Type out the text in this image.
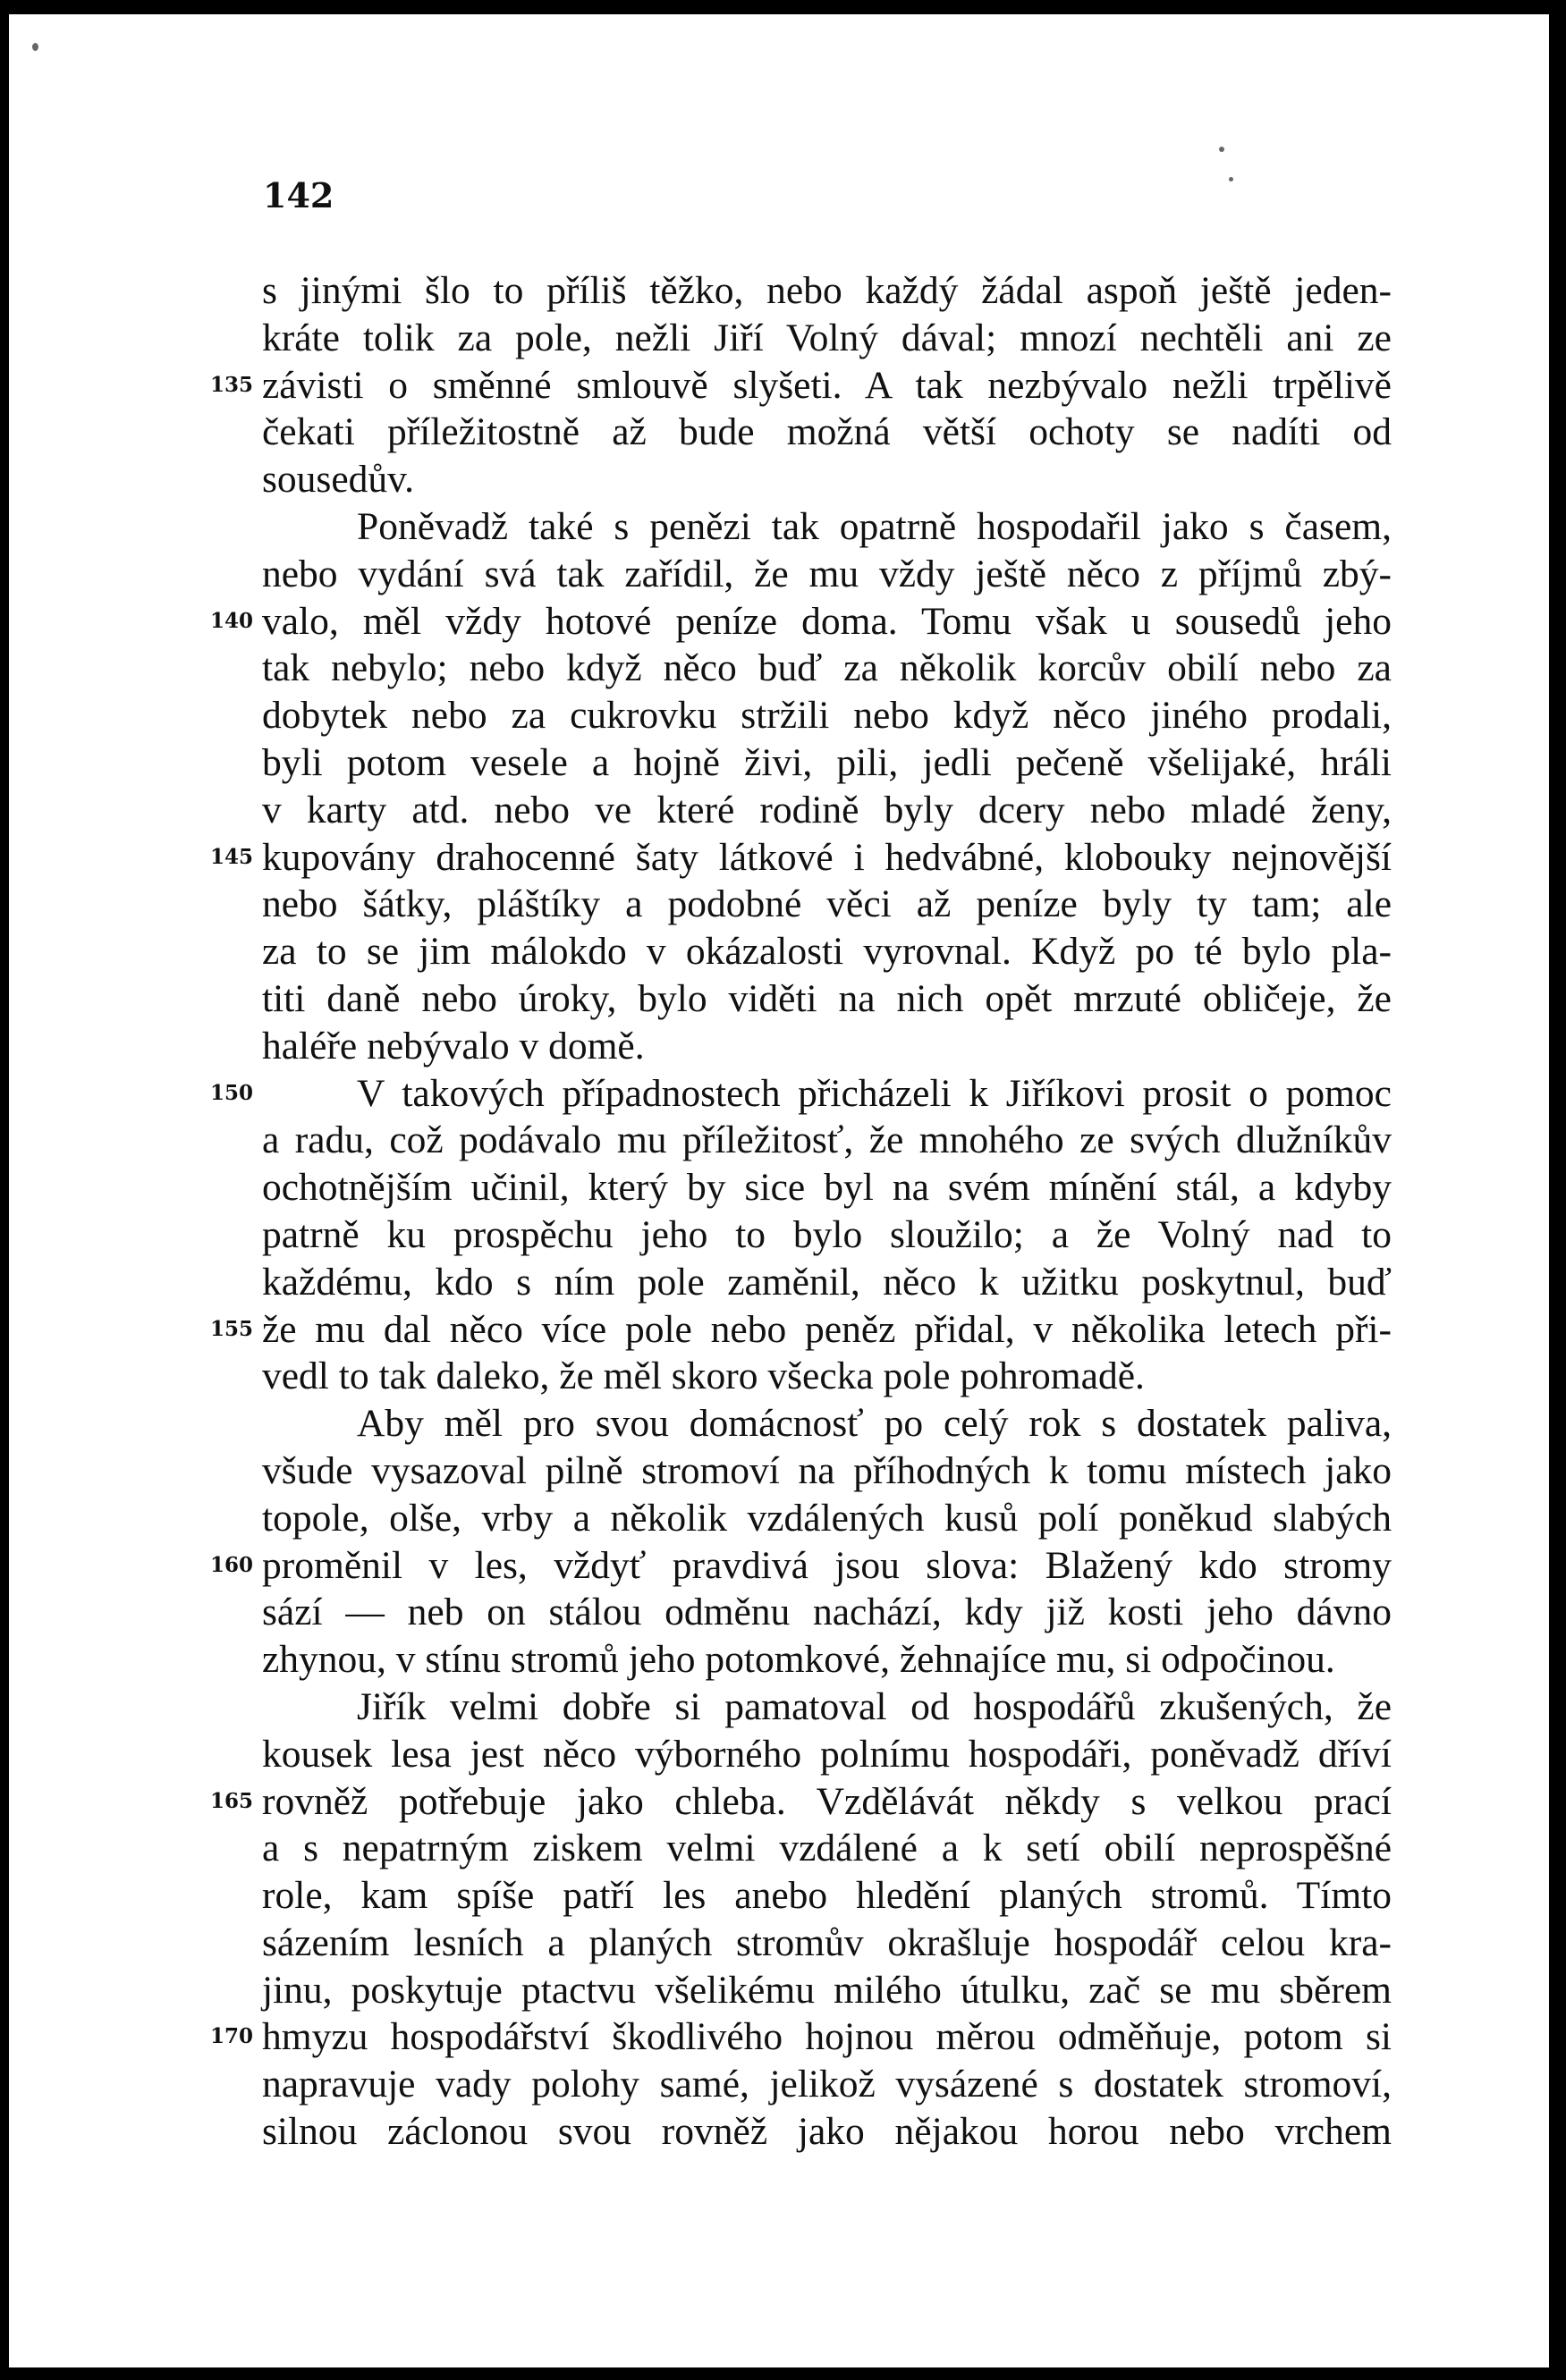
142
s jinými šlo to příliš těžko, nebo každý žádal aspoň ještě jeden-
kráte tolik za pole, nežli Jiří Volný dával; mnozí nechtěli ani ze
135 závisti o směnné smlouvě slyšeti. A tak nezbývalo nežli trpělivě
čekati příležitostně až bude možná větší ochoty se nadíti od
sousedův.
Poněvadž také s penězi tak opatrně hospodařil jako s časem,
nebo vydání svá tak zařídil, že mu vždy ještě něco z příjmů zbý-
140 valo, měl vždy hotové peníze doma. Tomu však u sousedů jeho
tak nebylo; nebo když něco buď za několik korcův obilí nebo za
dobytek nebo za cukrovku stržili nebo když něco jiného prodali,
byli potom vesele a hojně živi, pili, jedli pečeně všelijaké, hráli
v karty atd. nebo ve které rodině byly dcery nebo mladé ženy,
145 kupovány drahocenné šaty látkové i hedvábné, klobouky nejnovější
nebo šátky, pláštíky a podobné věci až peníze byly ty tam; ale
za to se jim málokdo v okázalosti vyrovnal. Když po té bylo pla-
titi daně nebo úroky, bylo viděti na nich opět mrzuté obličeje, že
haléře nebývalo v domě.
150	V takových případnostech přicházeli k Jiříkovi prosit o pomoc
a radu, což podávalo mu příležitosť, že mnohého ze svých dlužníkův
ochotnějším učinil, který by sice byl na svém mínění stál, a kdyby
patrně ku prospěchu jeho to bylo sloužilo; a že Volný nad to
každému, kdo s ním pole zaměnil, něco k užitku poskytnul, buď
155 že mu dal něco více pole nebo peněz přidal, v několika letech při-
vedl to tak daleko, že měl skoro všecka pole pohromadě.
Aby měl pro svou domácnosť po celý rok s dostatek paliva,
všude vysazoval pilně stromoví na příhodných k tomu místech jako
topole, olše, vrby a několik vzdálených kusů polí poněkud slabých
160 proměnil v les, vždyť pravdivá jsou slova: Blažený kdo stromy
sází — neb on stálou odměnu nachází, kdy již kosti jeho dávno
zhynou, v stínu stromů jeho potomkové, žehnajíce mu, si odpočinou.
Jiřík velmi dobře si pamatoval od hospodářů zkušených, že
kousek lesa jest něco výborného polnímu hospodáři, poněvadž dříví
165 rovněž potřebuje jako chleba. Vzdělávát někdy s velkou prací
a s nepatrným ziskem velmi vzdálené a k setí obilí neprospěšné
role, kam spíše patří les anebo hledění planých stromů. Tímto
sázením lesních a planých stromův okrašluje hospodář celou kra-
jinu, poskytuje ptactvu všelikému milého útulku, zač se mu sběrem
170 hmyzu hospodářství škodlivého hojnou měrou odměňuje, potom si
napravuje vady polohy samé, jelikož vysázené s dostatek stromoví,
silnou záclonou svou rovněž jako nějakou horou nebo vrchem
